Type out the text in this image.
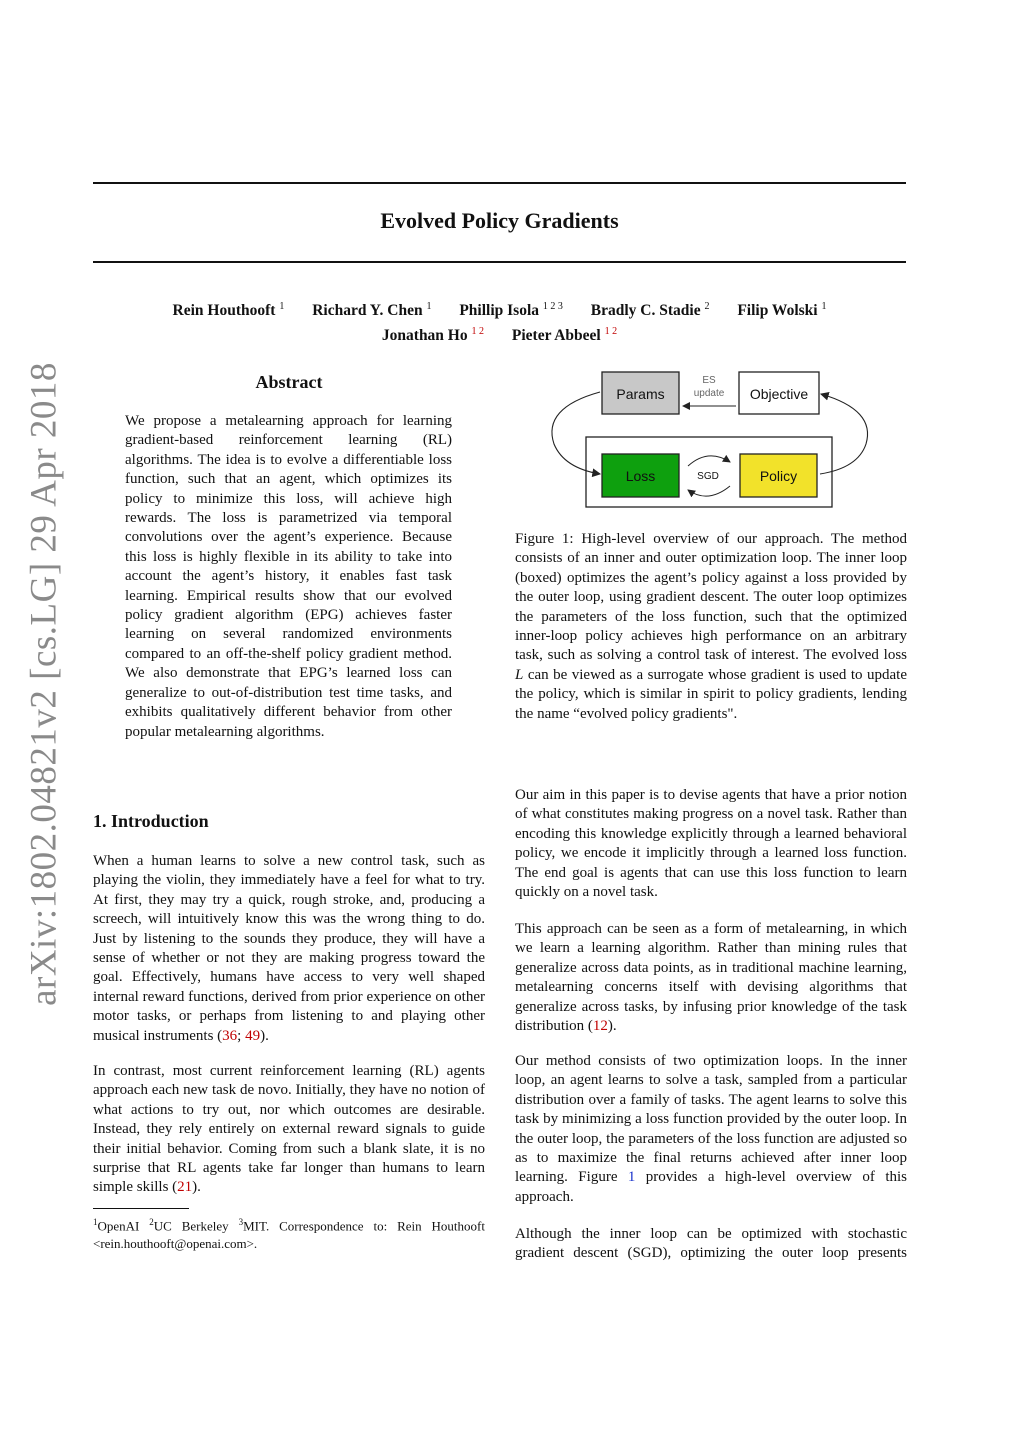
arXiv:1802.04821v2 [cs.LG] 29 Apr 2018
Evolved Policy Gradients
Rein Houthooft $^1$ Richard Y. Chen $^1$ Phillip Isola $^{1 2 3}$ Bradly C. Stadie $^2$ Filip Wolski $^1$
Jonathan Ho $^{1 2}$ Pieter Abbeel $^{1 2}$
Abstract

We propose a metalearning approach for learning gradient-based reinforcement learning (RL) algorithms. The idea is to evolve a differentiable loss function, such that an agent, which optimizes its policy to minimize this loss, will achieve high rewards. The loss is parametrized via temporal convolutions over the agent’s experience. Because this loss is highly flexible in its ability to take into account the agent’s history, it enables fast task learning. Empirical results show that our evolved policy gradient algorithm (EPG) achieves faster learning on several randomized environments compared to an off-the-shelf policy gradient method. We also demonstrate that EPG’s learned loss can generalize to out-of-distribution test time tasks, and exhibits qualitatively different behavior from other popular metalearning algorithms.

1. Introduction

When a human learns to solve a new control task, such as playing the violin, they immediately have a feel for what to try. At first, they may try a quick, rough stroke, and, producing a screech, will intuitively know this was the wrong thing to do. Just by listening to the sounds they produce, they will have a sense of whether or not they are making progress toward the goal. Effectively, humans have access to very well shaped internal reward functions, derived from prior experience on other motor tasks, or perhaps from listening to and playing other musical instruments (36; 49).

In contrast, most current reinforcement learning (RL) agents approach each new task de novo. Initially, they have no notion of what actions to try out, nor which outcomes are desirable. Instead, they rely entirely on external reward signals to guide their initial behavior. Coming from such a blank slate, it is no surprise that RL agents take far longer than humans to learn simple skills (21).

$^1$OpenAI $^2$UC Berkeley $^3$MIT. Correspondence to: Rein Houthooft <rein.houthooft@openai.com>.

Params	Objective
ES
update
Loss	Policy
SGD

Figure 1: High-level overview of our approach. The method consists of an inner and outer optimization loop. The inner loop (boxed) optimizes the agent’s policy against a loss provided by the outer loop, using gradient descent. The outer loop optimizes the parameters of the loss function, such that the optimized inner-loop policy achieves high performance on an arbitrary task, such as solving a control task of interest. The evolved loss L can be viewed as a surrogate whose gradient is used to update the policy, which is similar in spirit to policy gradients, lending the name “evolved policy gradients".

Our aim in this paper is to devise agents that have a prior notion of what constitutes making progress on a novel task. Rather than encoding this knowledge explicitly through a learned behavioral policy, we encode it implicitly through a learned loss function. The end goal is agents that can use this loss function to learn quickly on a novel task.

This approach can be seen as a form of metalearning, in which we learn a learning algorithm. Rather than mining rules that generalize across data points, as in traditional machine learning, metalearning concerns itself with devising algorithms that generalize across tasks, by infusing prior knowledge of the task distribution (12).

Our method consists of two optimization loops. In the inner loop, an agent learns to solve a task, sampled from a particular distribution over a family of tasks. The agent learns to solve this task by minimizing a loss function provided by the outer loop. In the outer loop, the parameters of the loss function are adjusted so as to maximize the final returns achieved after inner loop learning. Figure 1 provides a high-level overview of this approach.

Although the inner loop can be optimized with stochastic gradient descent (SGD), optimizing the outer loop presents
